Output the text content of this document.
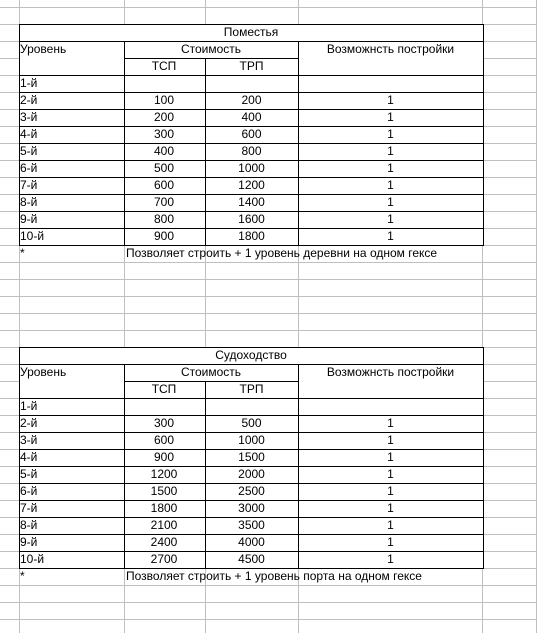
Поместья
Уровень	Стоимость	Возможнсть постройки
ТСП	ТРП
1-й
2-й	100	200	1
3-й	200	400	1
4-й	300	600	1
5-й	400	800	1
6-й	500	1000	1
7-й	600	1200	1
8-й	700	1400	1
9-й	800	1600	1
10-й	900	1800	1
*	Позволяет строить + 1 уровень деревни на одном гексе
Судоходство
Уровень	Стоимость	Возможнсть постройки
ТСП	ТРП
1-й
2-й	300	500	1
3-й	600	1000	1
4-й	900	1500	1
5-й	1200	2000	1
6-й	1500	2500	1
7-й	1800	3000	1
8-й	2100	3500	1
9-й	2400	4000	1
10-й	2700	4500	1
*	Позволяет строить + 1 уровень порта на одном гексе
